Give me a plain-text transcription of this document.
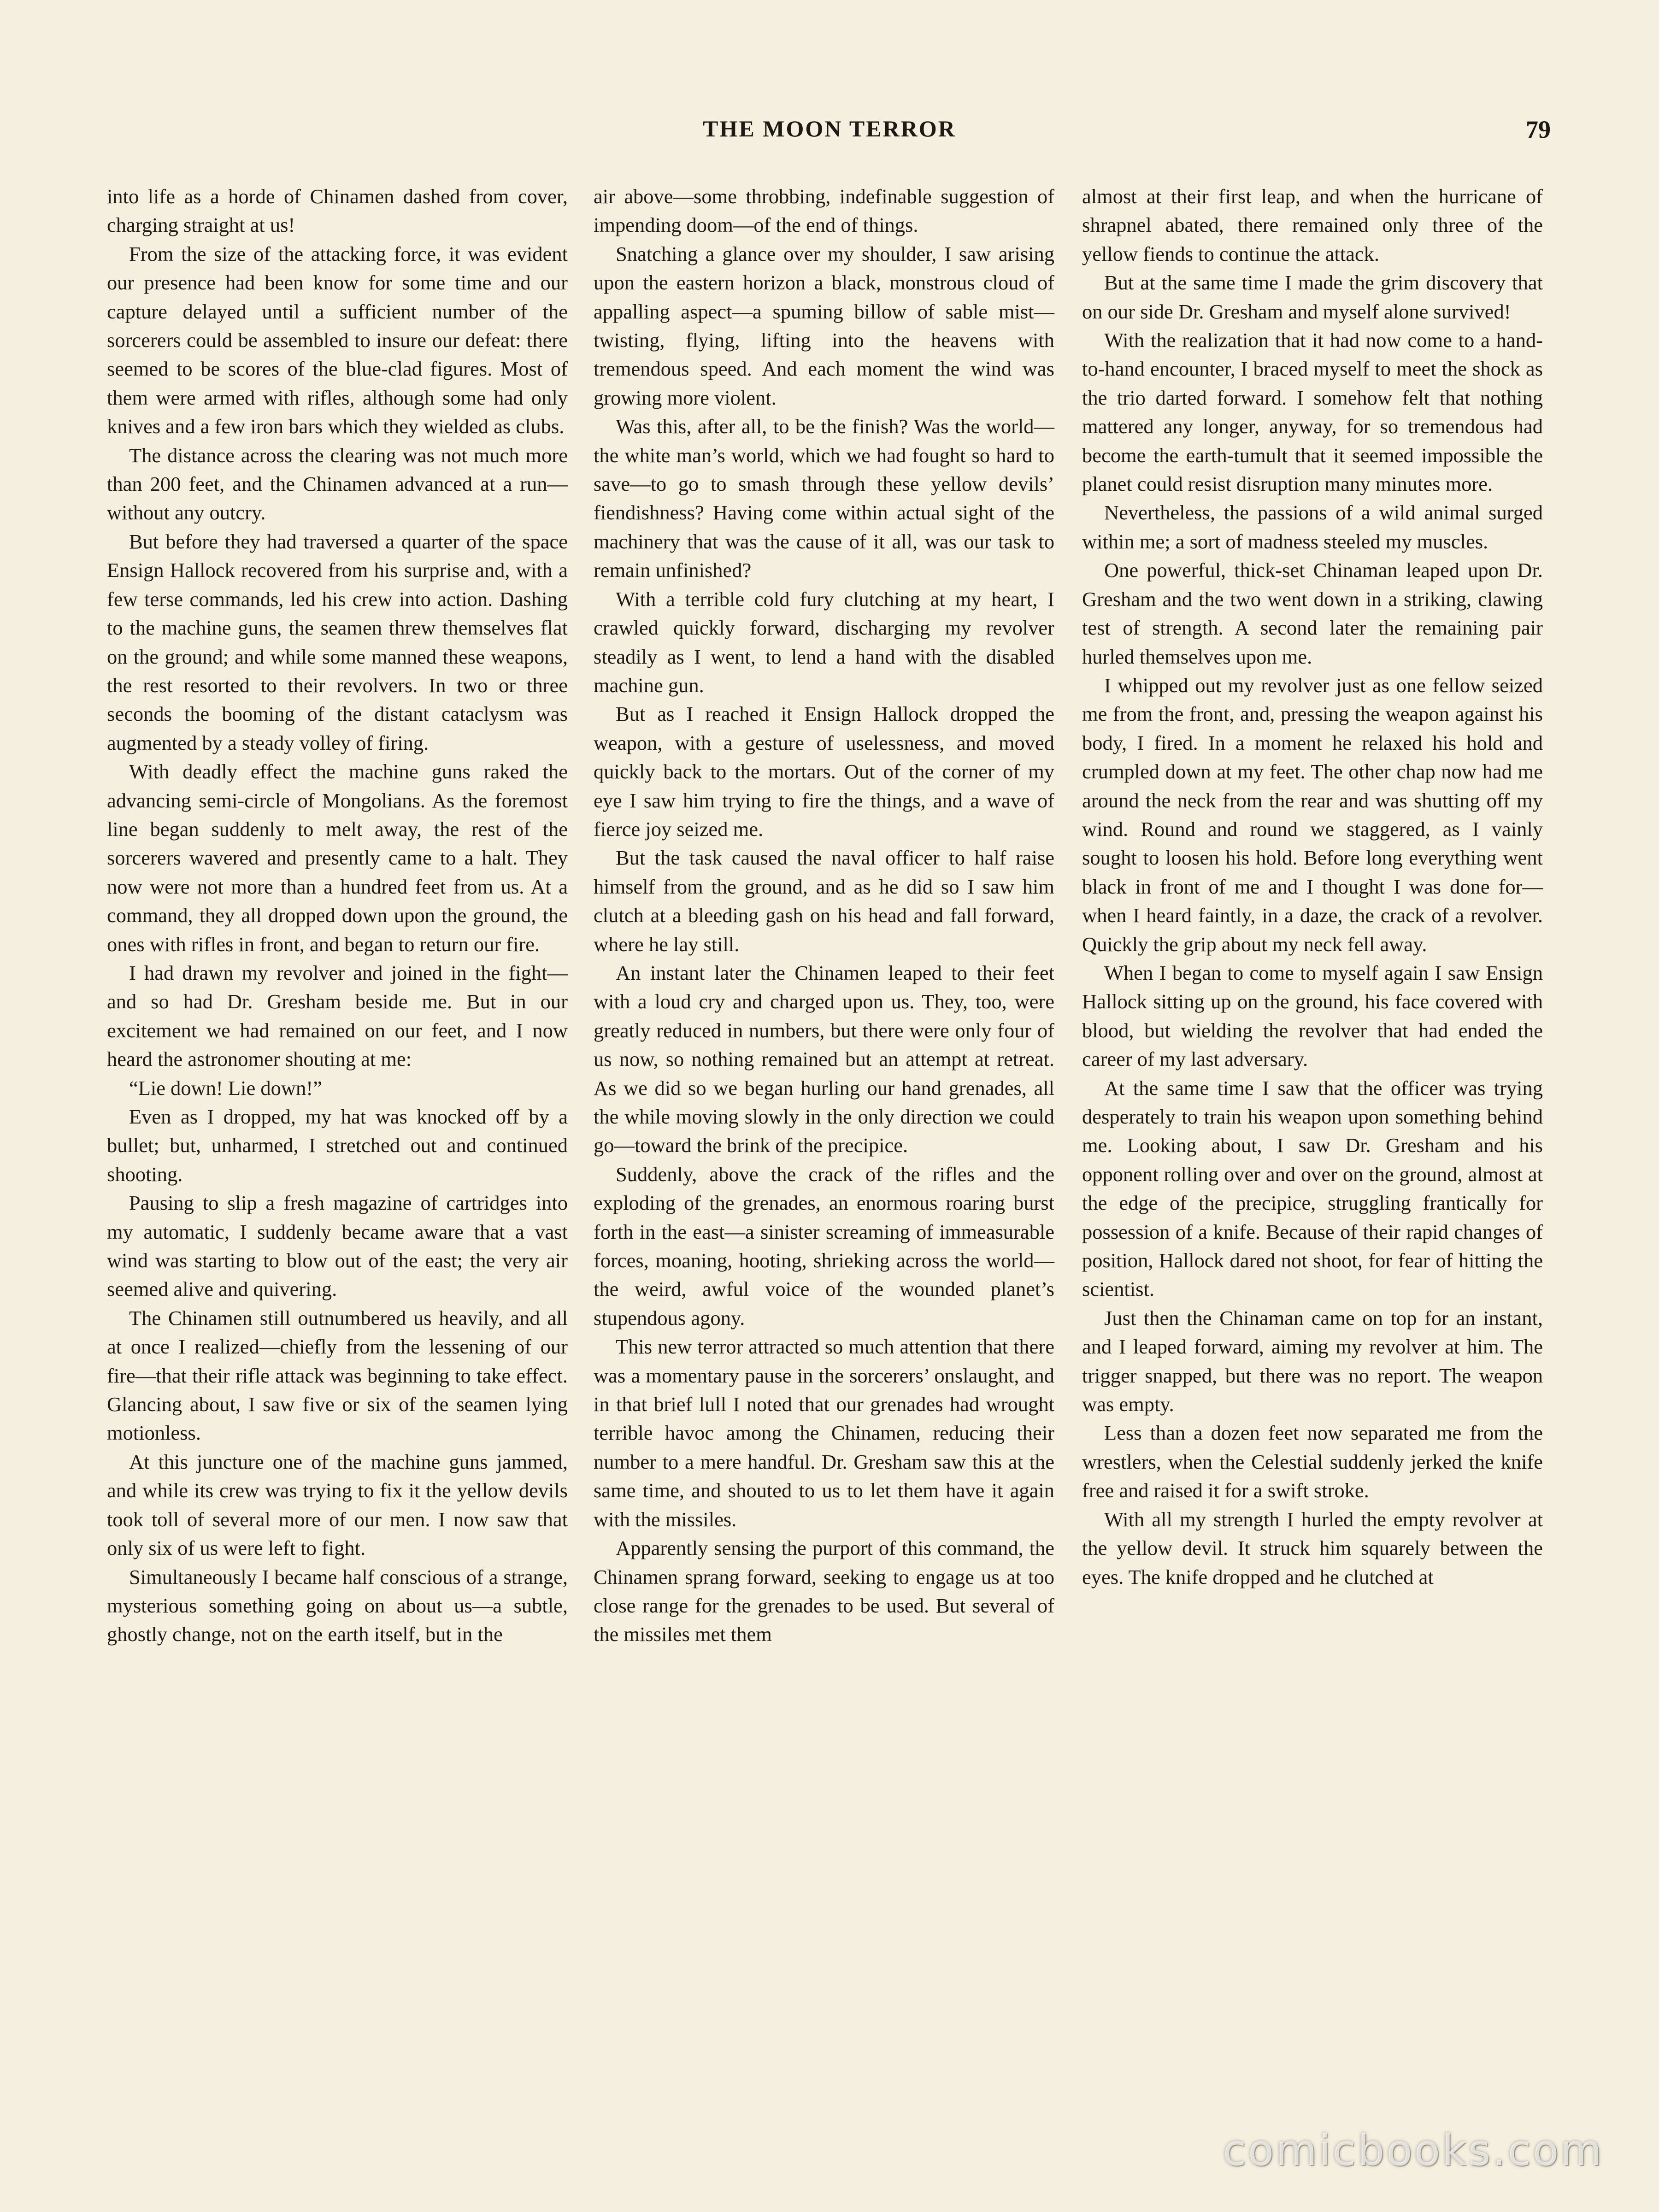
THE MOON TERROR	79

into life as a horde of Chinamen dashed from cover, charging straight at us!

From the size of the attacking force, it was evident our presence had been know for some time and our capture delayed until a sufficient number of the sorcerers could be assembled to insure our defeat: there seemed to be scores of the blue-clad figures. Most of them were armed with rifles, although some had only knives and a few iron bars which they wielded as clubs.

The distance across the clearing was not much more than 200 feet, and the Chinamen advanced at a run—without any outcry.

But before they had traversed a quarter of the space Ensign Hallock recovered from his surprise and, with a few terse commands, led his crew into action. Dashing to the machine guns, the seamen threw themselves flat on the ground; and while some manned these weapons, the rest resorted to their revolvers. In two or three seconds the booming of the distant cataclysm was augmented by a steady volley of firing.

With deadly effect the machine guns raked the advancing semi-circle of Mongolians. As the foremost line began suddenly to melt away, the rest of the sorcerers wavered and presently came to a halt. They now were not more than a hundred feet from us. At a command, they all dropped down upon the ground, the ones with rifles in front, and began to return our fire.

I had drawn my revolver and joined in the fight—and so had Dr. Gresham beside me. But in our excitement we had remained on our feet, and I now heard the astronomer shouting at me:

“Lie down! Lie down!”

Even as I dropped, my hat was knocked off by a bullet; but, unharmed, I stretched out and continued shooting.

Pausing to slip a fresh magazine of cartridges into my automatic, I suddenly became aware that a vast wind was starting to blow out of the east; the very air seemed alive and quivering.

The Chinamen still outnumbered us heavily, and all at once I realized—chiefly from the lessening of our fire—that their rifle attack was beginning to take effect. Glancing about, I saw five or six of the seamen lying motionless.

At this juncture one of the machine guns jammed, and while its crew was trying to fix it the yellow devils took toll of several more of our men. I now saw that only six of us were left to fight.

Simultaneously I became half conscious of a strange, mysterious something going on about us—a subtle, ghostly change, not on the earth itself, but in the

air above—some throbbing, indefinable suggestion of impending doom—of the end of things.

Snatching a glance over my shoulder, I saw arising upon the eastern horizon a black, monstrous cloud of appalling aspect—a spuming billow of sable mist—twisting, flying, lifting into the heavens with tremendous speed. And each moment the wind was growing more violent.

Was this, after all, to be the finish? Was the world—the white man’s world, which we had fought so hard to save—to go to smash through these yellow devils’ fiendishness? Having come within actual sight of the machinery that was the cause of it all, was our task to remain unfinished?

With a terrible cold fury clutching at my heart, I crawled quickly forward, discharging my revolver steadily as I went, to lend a hand with the disabled machine gun.

But as I reached it Ensign Hallock dropped the weapon, with a gesture of uselessness, and moved quickly back to the mortars. Out of the corner of my eye I saw him trying to fire the things, and a wave of fierce joy seized me.

But the task caused the naval officer to half raise himself from the ground, and as he did so I saw him clutch at a bleeding gash on his head and fall forward, where he lay still.

An instant later the Chinamen leaped to their feet with a loud cry and charged upon us. They, too, were greatly reduced in numbers, but there were only four of us now, so nothing remained but an attempt at retreat. As we did so we began hurling our hand grenades, all the while moving slowly in the only direction we could go—toward the brink of the precipice.

Suddenly, above the crack of the rifles and the exploding of the grenades, an enormous roaring burst forth in the east—a sinister screaming of immeasurable forces, moaning, hooting, shrieking across the world—the weird, awful voice of the wounded planet’s stupendous agony.

This new terror attracted so much attention that there was a momentary pause in the sorcerers’ onslaught, and in that brief lull I noted that our grenades had wrought terrible havoc among the Chinamen, reducing their number to a mere handful. Dr. Gresham saw this at the same time, and shouted to us to let them have it again with the missiles.

Apparently sensing the purport of this command, the Chinamen sprang forward, seeking to engage us at too close range for the grenades to be used. But several of the missiles met them

almost at their first leap, and when the hurricane of shrapnel abated, there remained only three of the yellow fiends to continue the attack.

But at the same time I made the grim discovery that on our side Dr. Gresham and myself alone survived!

With the realization that it had now come to a hand-to-hand encounter, I braced myself to meet the shock as the trio darted forward. I somehow felt that nothing mattered any longer, anyway, for so tremendous had become the earth-tumult that it seemed impossible the planet could resist disruption many minutes more.

Nevertheless, the passions of a wild animal surged within me; a sort of madness steeled my muscles.

One powerful, thick-set Chinaman leaped upon Dr. Gresham and the two went down in a striking, clawing test of strength. A second later the remaining pair hurled themselves upon me.

I whipped out my revolver just as one fellow seized me from the front, and, pressing the weapon against his body, I fired. In a moment he relaxed his hold and crumpled down at my feet. The other chap now had me around the neck from the rear and was shutting off my wind. Round and round we staggered, as I vainly sought to loosen his hold. Before long everything went black in front of me and I thought I was done for—when I heard faintly, in a daze, the crack of a revolver. Quickly the grip about my neck fell away.

When I began to come to myself again I saw Ensign Hallock sitting up on the ground, his face covered with blood, but wielding the revolver that had ended the career of my last adversary.

At the same time I saw that the officer was trying desperately to train his weapon upon something behind me. Looking about, I saw Dr. Gresham and his opponent rolling over and over on the ground, almost at the edge of the precipice, struggling frantically for possession of a knife. Because of their rapid changes of position, Hallock dared not shoot, for fear of hitting the scientist.

Just then the Chinaman came on top for an instant, and I leaped forward, aiming my revolver at him. The trigger snapped, but there was no report. The weapon was empty.

Less than a dozen feet now separated me from the wrestlers, when the Celestial suddenly jerked the knife free and raised it for a swift stroke.

With all my strength I hurled the empty revolver at the yellow devil. It struck him squarely between the eyes. The knife dropped and he clutched at

comicbooks.com
